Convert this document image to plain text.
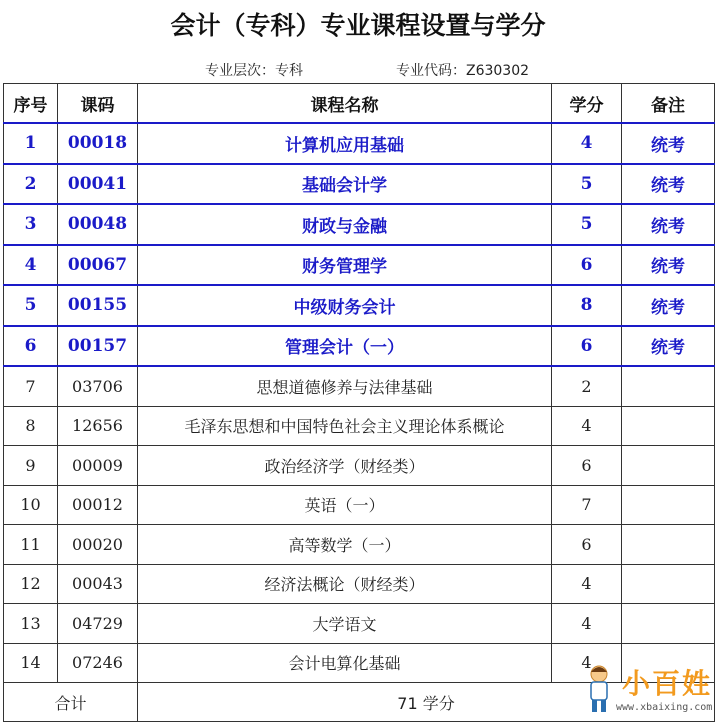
会计（专科）专业课程设置与学分
专业层次：专科	专业代码：Z630302
序号	课码	课程名称	学分	备注
1	00018	计算机应用基础	4	统考
2	00041	基础会计学	5	统考
3	00048	财政与金融	5	统考
4	00067	财务管理学	6	统考
5	00155	中级财务会计	8	统考
6	00157	管理会计（一）	6	统考
7	03706	思想道德修养与法律基础	2	
8	12656	毛泽东思想和中国特色社会主义理论体系概论	4	
9	00009	政治经济学（财经类）	6	
10	00012	英语（一）	7	
11	00020	高等数学（一）	6	
12	00043	经济法概论（财经类）	4	
13	04729	大学语文	4	
14	07246	会计电算化基础	4	
合计		71 学分		
小百姓
www.xbaixing.com
